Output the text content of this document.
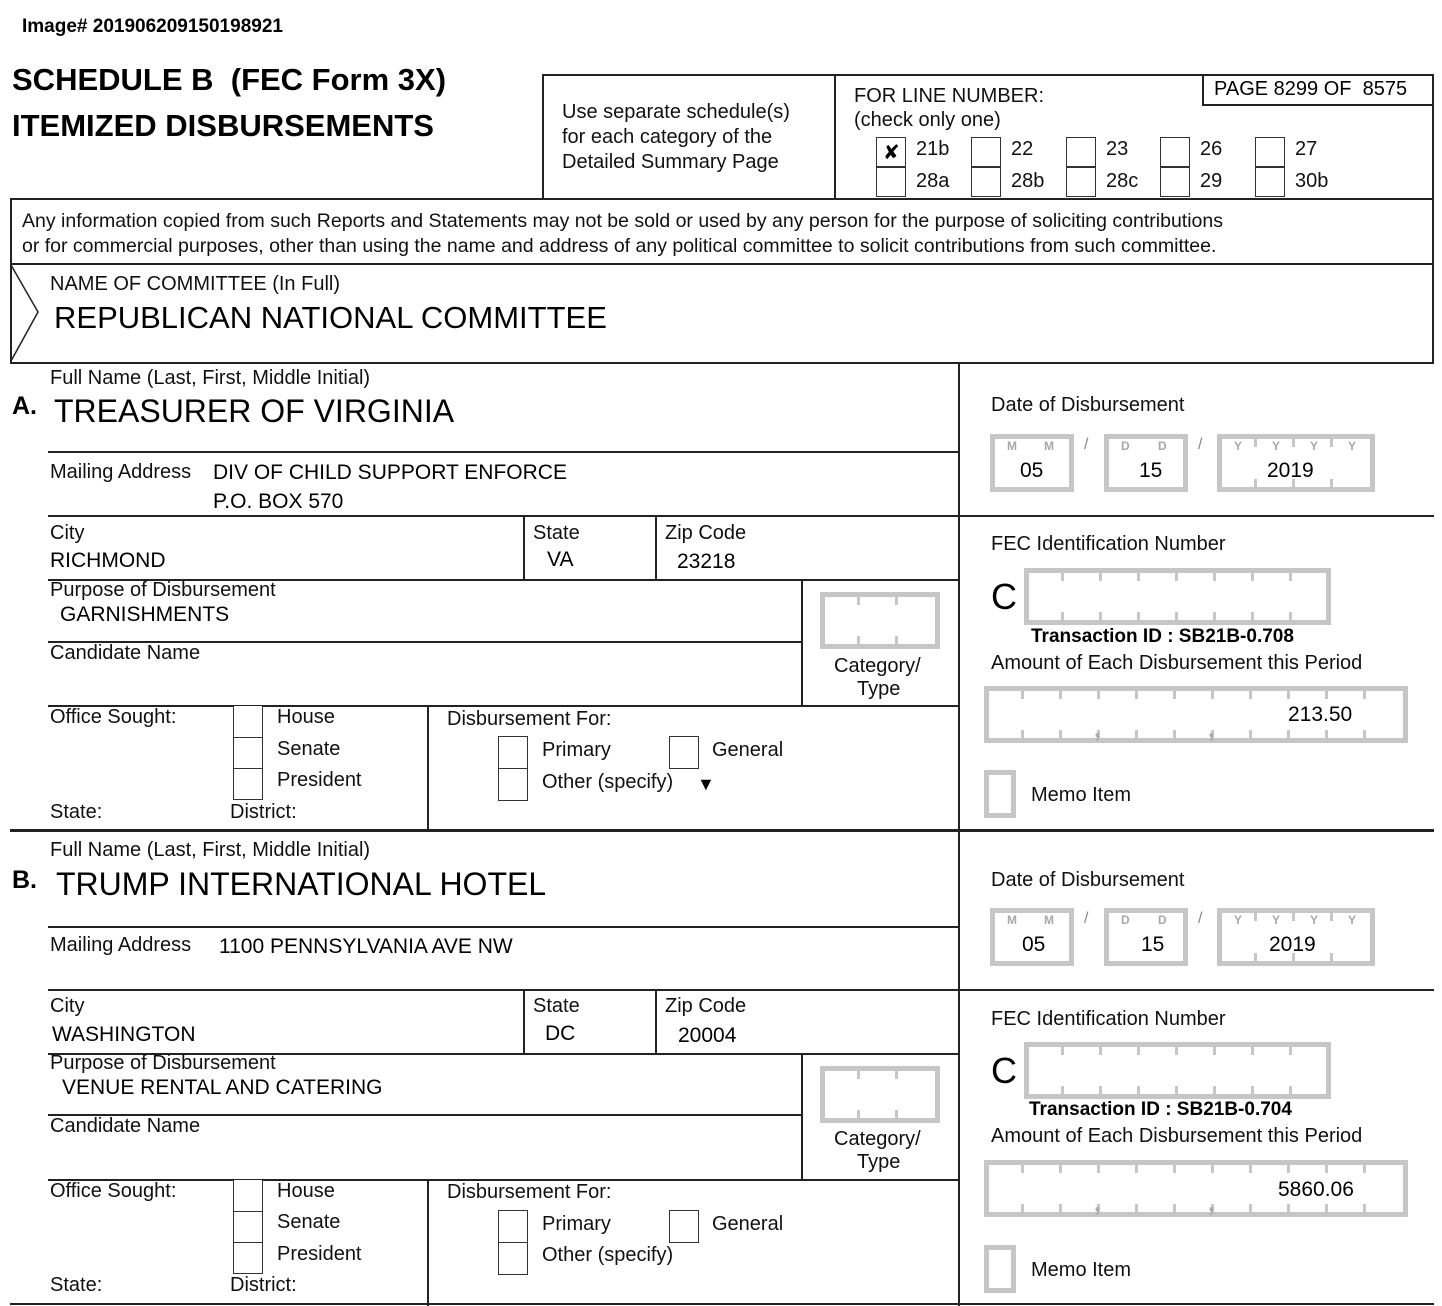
Image# 201906209150198921
SCHEDULE B (FEC Form 3X)
ITEMIZED DISBURSEMENTS	Use separate schedule(s)
for each category of the
Detailed Summary Page
PAGE 8299 OF 8575
FOR LINE NUMBER:
(check only one)
✘ 21b	22	23	26	27
28a	28b	28c	29	30b
Any information copied from such Reports and Statements may not be sold or used by any person for the purpose of soliciting contributions
or for commercial purposes, other than using the name and address of any political committee to solicit contributions from such committee.
NAME OF COMMITTEE (In Full)
REPUBLICAN NATIONAL COMMITTEE
Full Name (Last, First, Middle Initial)
A. TREASURER OF VIRGINIA
Mailing Address DIV OF CHILD SUPPORT ENFORCE
P.O. BOX 570
City
RICHMOND
State
VA
Zip Code
23218
Purpose of Disbursement
GARNISHMENTS
Candidate Name
Category/
Type
Office Sought:	House
Senate
President
State:	District:
Disbursement For:
Primary	General
Other (specify) ▼
Date of Disbursement
M M
05
/	D D
15
/	Y Y Y Y
2019
FEC Identification Number
C
Transaction ID : SB21B-0.708
Amount of Each Disbursement this Period
213.50
,	,
Memo Item
Full Name (Last, First, Middle Initial)
B. TRUMP INTERNATIONAL HOTEL
Mailing Address 1100 PENNSYLVANIA AVE NW
City
WASHINGTON
State
DC
Zip Code
20004
Purpose of Disbursement
VENUE RENTAL AND CATERING
Candidate Name
Category/
Type
Office Sought:	House
Senate
President
State:	District:
Disbursement For:
Primary	General
Other (specify)
Date of Disbursement
M M
05
/	D D
15
/	Y Y Y Y
2019
FEC Identification Number
C
Transaction ID : SB21B-0.704
Amount of Each Disbursement this Period
5860.06
,	,
Memo Item
